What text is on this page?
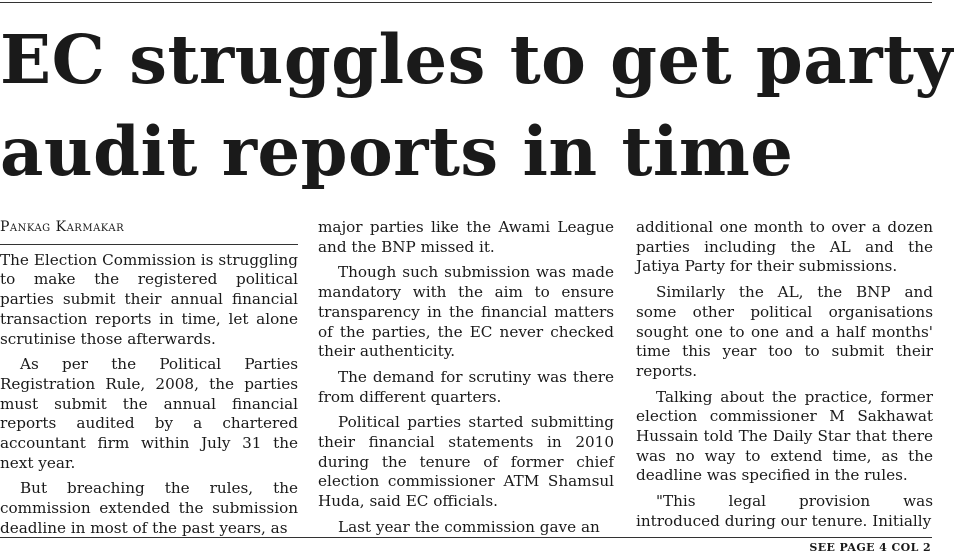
EC struggles to get party
audit reports in time
Pankag Karmakar

The Election Commission is struggling to make the registered political parties submit their annual financial transaction reports in time, let alone scrutinise those afterwards.

As per the Political Parties Registration Rule, 2008, the parties must submit the annual financial reports audited by a chartered accountant firm within July 31 the next year.

But breaching the rules, the commission extended the submission deadline in most of the past years, as

major parties like the Awami League and the BNP missed it.

Though such submission was made mandatory with the aim to ensure transparency in the financial matters of the parties, the EC never checked their authenticity.

The demand for scrutiny was there from different quarters.

Political parties started submitting their financial statements in 2010 during the tenure of former chief election commissioner ATM Shamsul Huda, said EC officials.

Last year the commission gave an

additional one month to over a dozen parties including the AL and the Jatiya Party for their submissions.

Similarly the AL, the BNP and some other political organisations sought one to one and a half months' time this year too to submit their reports.

Talking about the practice, former election commissioner M Sakhawat Hussain told The Daily Star that there was no way to extend time, as the deadline was specified in the rules.

"This legal provision was introduced during our tenure. Initially

SEE PAGE 4 COL 2
